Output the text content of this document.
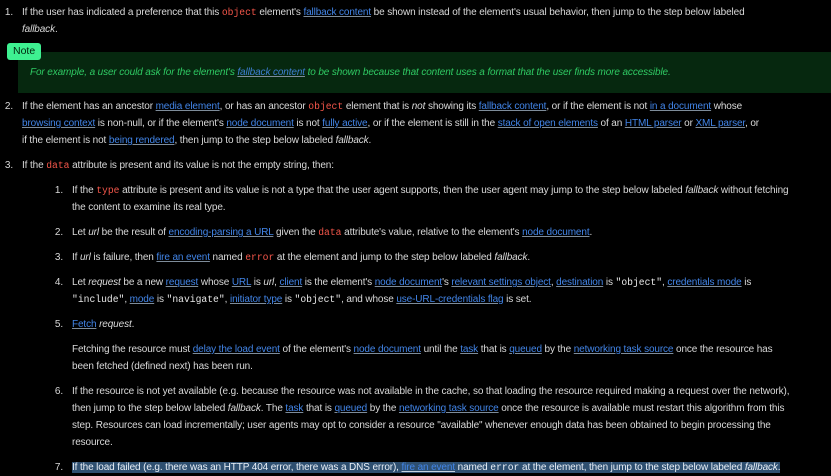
1. If the user has indicated a preference that this object element's fallback content be shown instead of the element's usual behavior, then jump to the step below labeled
fallback.
Note
For example, a user could ask for the element's fallback content to be shown because that content uses a format that the user finds more accessible.
2. If the element has an ancestor media element, or has an ancestor object element that is not showing its fallback content, or if the element is not in a document whose
browsing context is non-null, or if the element's node document is not fully active, or if the element is still in the stack of open elements of an HTML parser or XML parser, or
if the element is not being rendered, then jump to the step below labeled fallback.
3. If the data attribute is present and its value is not the empty string, then:
1. If the type attribute is present and its value is not a type that the user agent supports, then the user agent may jump to the step below labeled fallback without fetching
the content to examine its real type.
2. Let url be the result of encoding-parsing a URL given the data attribute's value, relative to the element's node document.
3. If url is failure, then fire an event named error at the element and jump to the step below labeled fallback.
4. Let request be a new request whose URL is url, client is the element's node document's relevant settings object, destination is "object", credentials mode is
"include", mode is "navigate", initiator type is "object", and whose use-URL-credentials flag is set.
5. Fetch request.
Fetching the resource must delay the load event of the element's node document until the task that is queued by the networking task source once the resource has
been fetched (defined next) has been run.
6. If the resource is not yet available (e.g. because the resource was not available in the cache, so that loading the resource required making a request over the network),
then jump to the step below labeled fallback. The task that is queued by the networking task source once the resource is available must restart this algorithm from this
step. Resources can load incrementally; user agents may opt to consider a resource "available" whenever enough data has been obtained to begin processing the
resource.
7. If the load failed (e.g. there was an HTTP 404 error, there was a DNS error), fire an event named error at the element, then jump to the step below labeled fallback.
